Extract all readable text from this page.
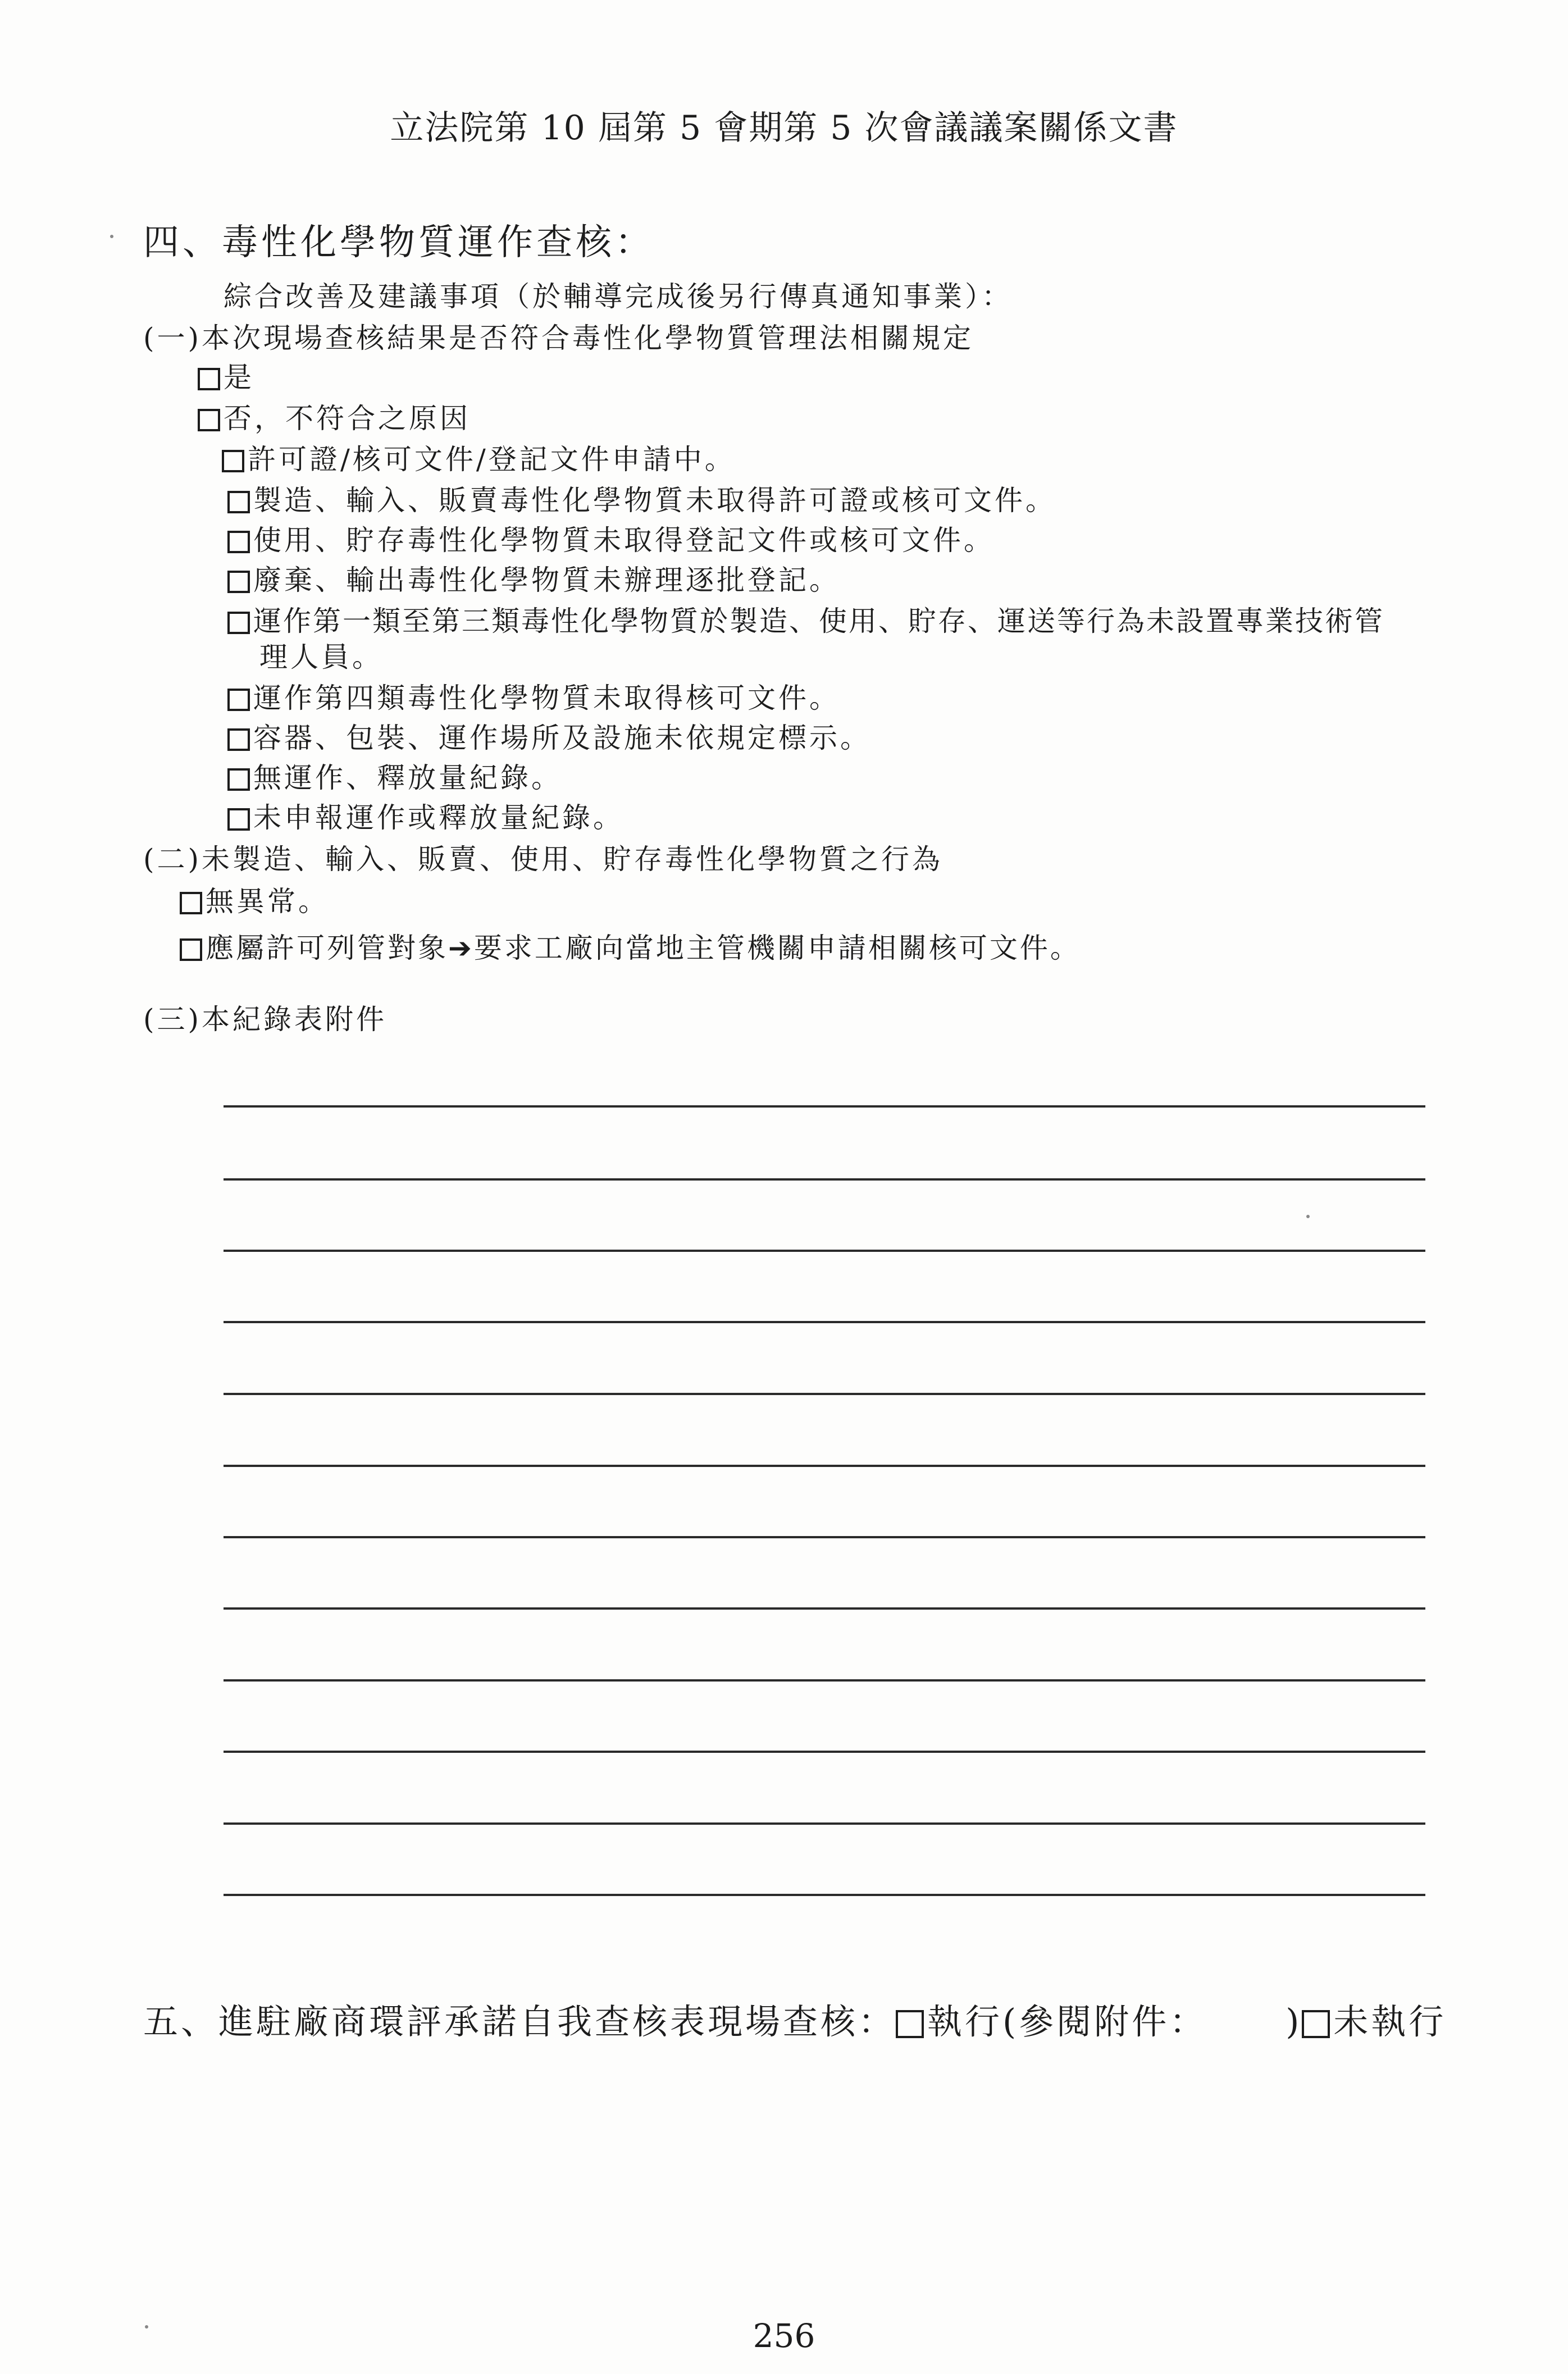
立法院第 10 屆第 5 會期第 5 次會議議案關係文書
四、毒性化學物質運作查核：
綜合改善及建議事項（於輔導完成後另行傳真通知事業）：
(一)本次現場查核結果是否符合毒性化學物質管理法相關規定
是
否，不符合之原因
許可證/核可文件/登記文件申請中。
製造、輸入、販賣毒性化學物質未取得許可證或核可文件。
使用、貯存毒性化學物質未取得登記文件或核可文件。
廢棄、輸出毒性化學物質未辦理逐批登記。
運作第一類至第三類毒性化學物質於製造、使用、貯存、運送等行為未設置專業技術管
理人員。
運作第四類毒性化學物質未取得核可文件。
容器、包裝、運作場所及設施未依規定標示。
無運作、釋放量紀錄。
未申報運作或釋放量紀錄。
(二)未製造、輸入、販賣、使用、貯存毒性化學物質之行為
無異常。
應屬許可列管對象➔要求工廠向當地主管機關申請相關核可文件。
(三)本紀錄表附件
五、進駐廠商環評承諾自我查核表現場查核： 執行(參閱附件： ) 未執行
256
